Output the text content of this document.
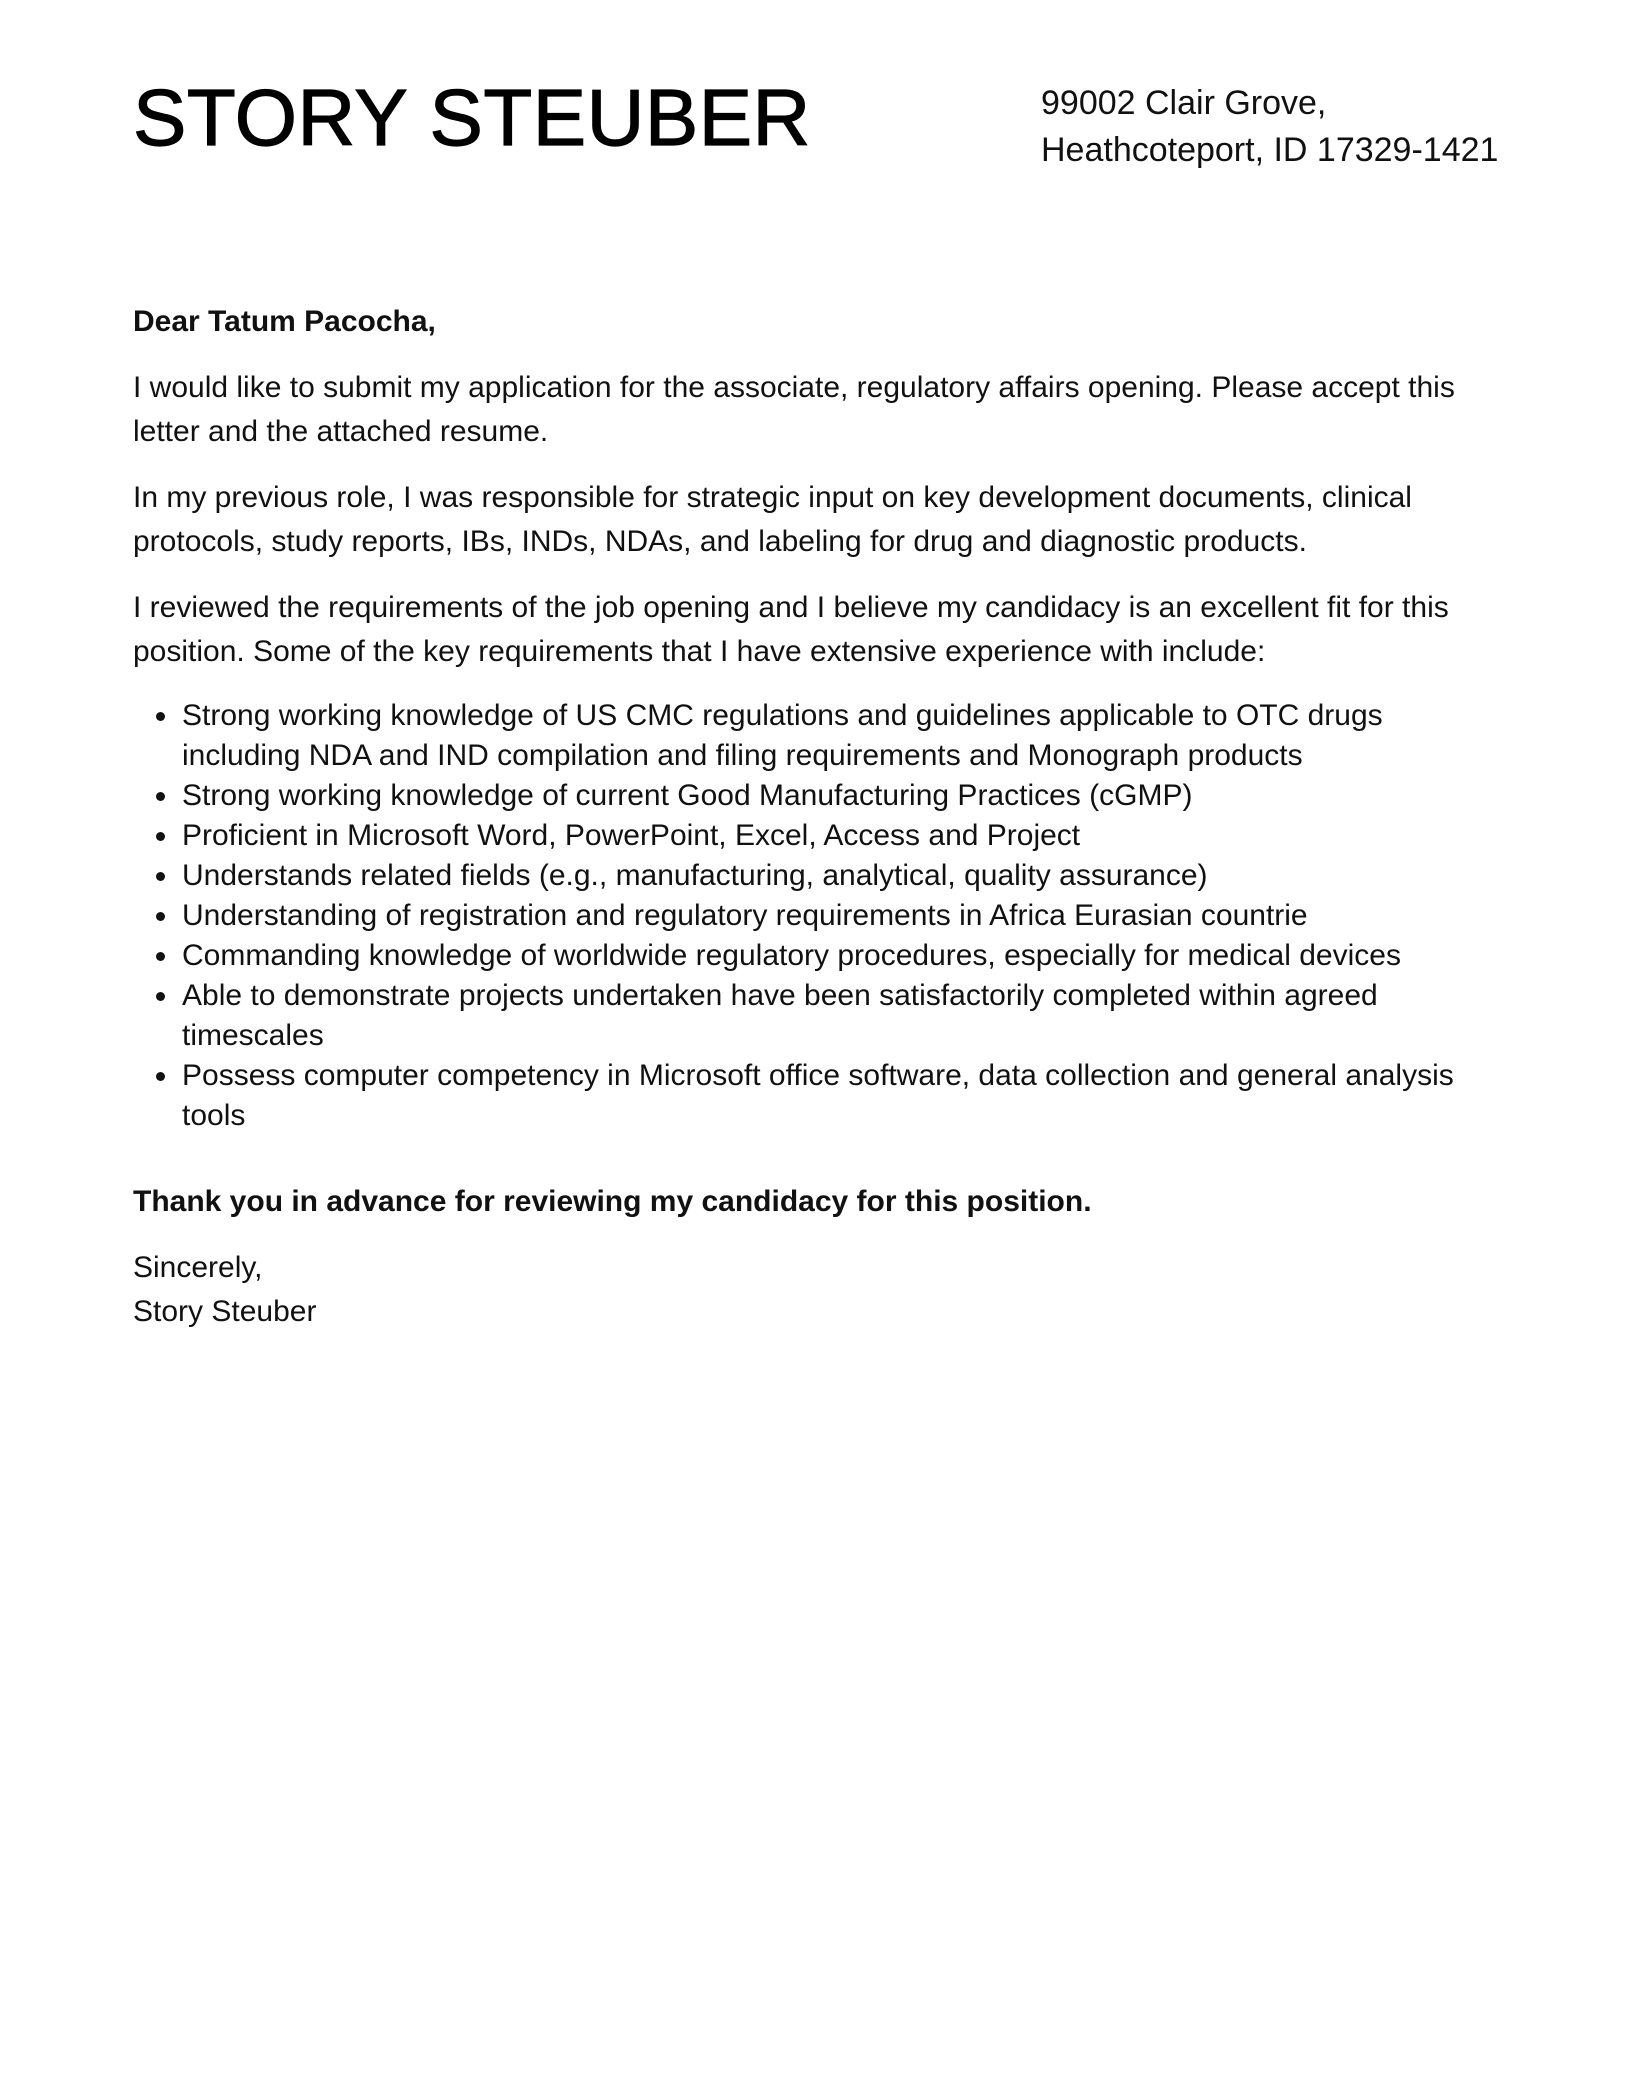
STORY STEUBER	99002 Clair Grove,
Heathcoteport, ID 17329-1421

Dear Tatum Pacocha,

I would like to submit my application for the associate, regulatory affairs opening. Please accept this letter and the attached resume.

In my previous role, I was responsible for strategic input on key development documents, clinical protocols, study reports, IBs, INDs, NDAs, and labeling for drug and diagnostic products.

I reviewed the requirements of the job opening and I believe my candidacy is an excellent fit for this position. Some of the key requirements that I have extensive experience with include:

• Strong working knowledge of US CMC regulations and guidelines applicable to OTC drugs including NDA and IND compilation and filing requirements and Monograph products
• Strong working knowledge of current Good Manufacturing Practices (cGMP)
• Proficient in Microsoft Word, PowerPoint, Excel, Access and Project
• Understands related fields (e.g., manufacturing, analytical, quality assurance)
• Understanding of registration and regulatory requirements in Africa Eurasian countrie
• Commanding knowledge of worldwide regulatory procedures, especially for medical devices
• Able to demonstrate projects undertaken have been satisfactorily completed within agreed timescales
• Possess computer competency in Microsoft office software, data collection and general analysis tools

Thank you in advance for reviewing my candidacy for this position.

Sincerely,

Story Steuber
